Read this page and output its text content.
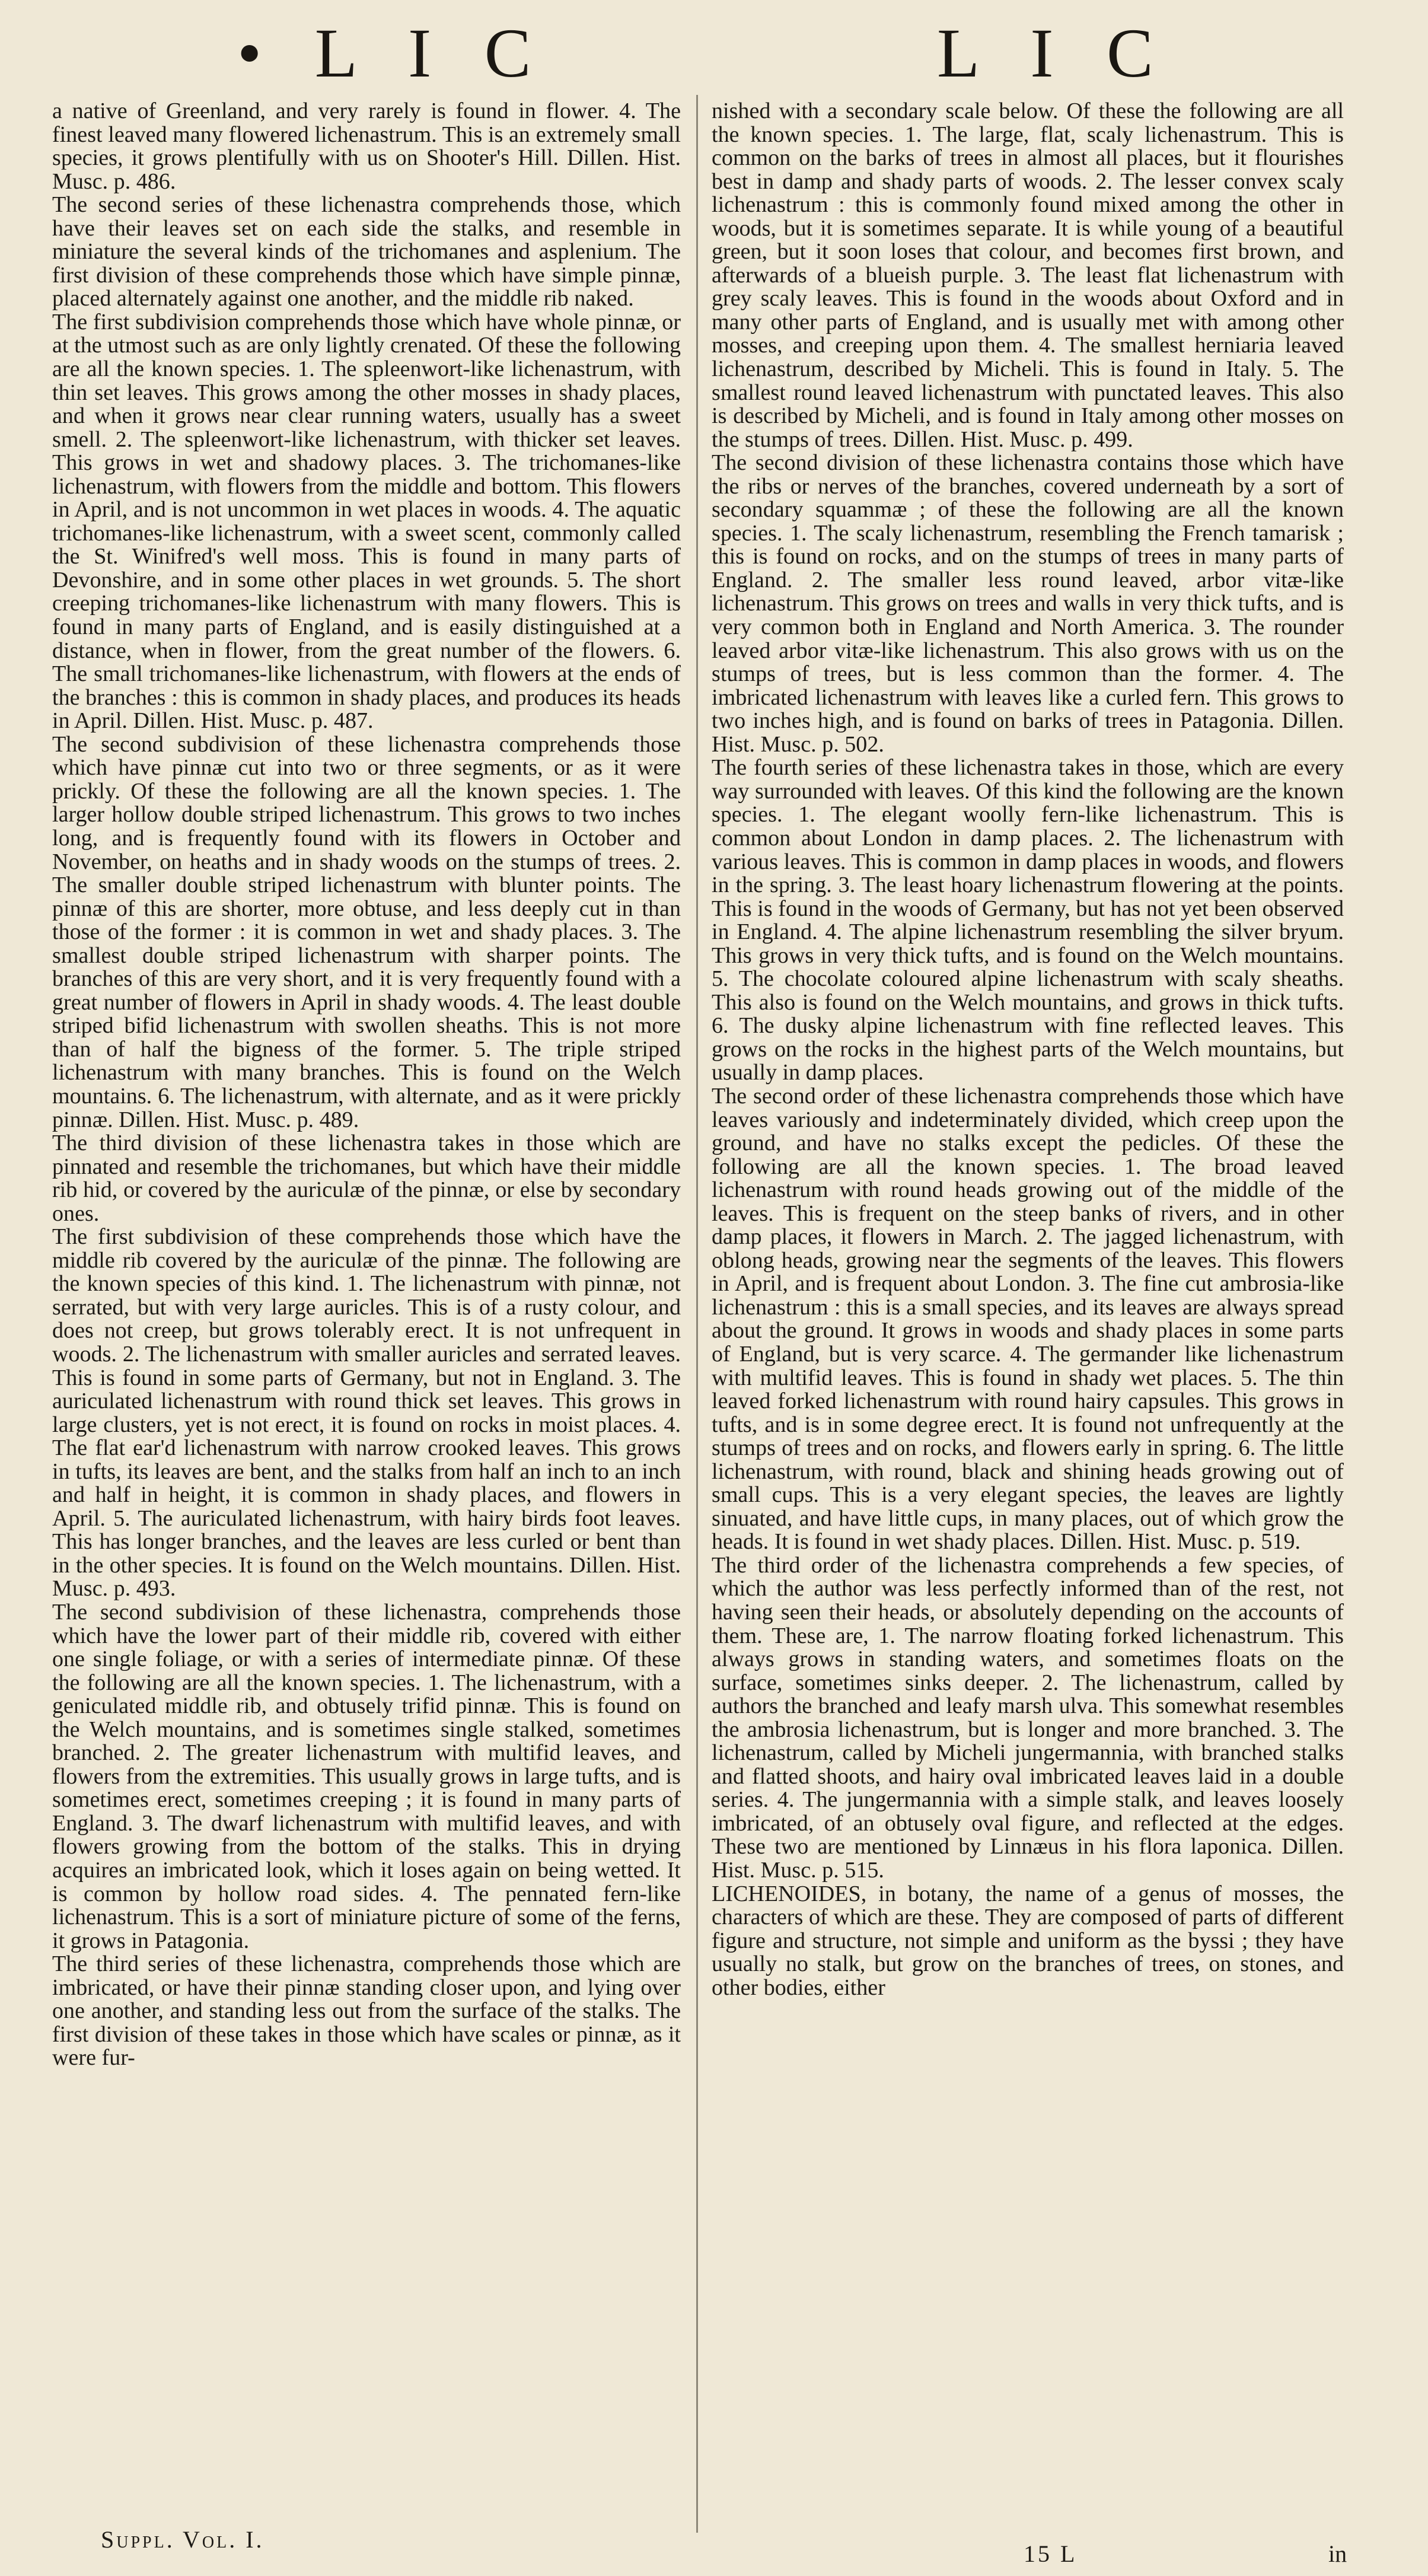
• L I C	L I C

a native of Greenland, and very rarely is found in flower. 4. The finest leaved many flowered lichenastrum. This is an extremely small species, it grows plentifully with us on Shooter's Hill. Dillen. Hist. Musc. p. 486.

The second series of these lichenastra comprehends those, which have their leaves set on each side the stalks, and resemble in miniature the several kinds of the trichomanes and asplenium. The first division of these comprehends those which have simple pinnæ, placed alternately against one another, and the middle rib naked.

The first subdivision comprehends those which have whole pinnæ, or at the utmost such as are only lightly crenated. Of these the following are all the known species. 1. The spleenwort-like lichenastrum, with thin set leaves. This grows among the other mosses in shady places, and when it grows near clear running waters, usually has a sweet smell. 2. The spleenwort-like lichenastrum, with thicker set leaves. This grows in wet and shadowy places. 3. The trichomanes-like lichenastrum, with flowers from the middle and bottom. This flowers in April, and is not uncommon in wet places in woods. 4. The aquatic trichomanes-like lichenastrum, with a sweet scent, commonly called the St. Winifred's well moss. This is found in many parts of Devonshire, and in some other places in wet grounds. 5. The short creeping trichomanes-like lichenastrum with many flowers. This is found in many parts of England, and is easily distinguished at a distance, when in flower, from the great number of the flowers. 6. The small trichomanes-like lichenastrum, with flowers at the ends of the branches : this is common in shady places, and produces its heads in April. Dillen. Hist. Musc. p. 487.

The second subdivision of these lichenastra comprehends those which have pinnæ cut into two or three segments, or as it were prickly. Of these the following are all the known species. 1. The larger hollow double striped lichenastrum. This grows to two inches long, and is frequently found with its flowers in October and November, on heaths and in shady woods on the stumps of trees. 2. The smaller double striped lichenastrum with blunter points. The pinnæ of this are shorter, more obtuse, and less deeply cut in than those of the former : it is common in wet and shady places. 3. The smallest double striped lichenastrum with sharper points. The branches of this are very short, and it is very frequently found with a great number of flowers in April in shady woods. 4. The least double striped bifid lichenastrum with swollen sheaths. This is not more than of half the bigness of the former. 5. The triple striped lichenastrum with many branches. This is found on the Welch mountains. 6. The lichenastrum, with alternate, and as it were prickly pinnæ. Dillen. Hist. Musc. p. 489.

The third division of these lichenastra takes in those which are pinnated and resemble the trichomanes, but which have their middle rib hid, or covered by the auriculæ of the pinnæ, or else by secondary ones.

The first subdivision of these comprehends those which have the middle rib covered by the auriculæ of the pinnæ. The following are the known species of this kind. 1. The lichenastrum with pinnæ, not serrated, but with very large auricles. This is of a rusty colour, and does not creep, but grows tolerably erect. It is not unfrequent in woods. 2. The lichenastrum with smaller auricles and serrated leaves. This is found in some parts of Germany, but not in England. 3. The auriculated lichenastrum with round thick set leaves. This grows in large clusters, yet is not erect, it is found on rocks in moist places. 4. The flat ear'd lichenastrum with narrow crooked leaves. This grows in tufts, its leaves are bent, and the stalks from half an inch to an inch and half in height, it is common in shady places, and flowers in April. 5. The auriculated lichenastrum, with hairy birds foot leaves. This has longer branches, and the leaves are less curled or bent than in the other species. It is found on the Welch mountains. Dillen. Hist. Musc. p. 493.

The second subdivision of these lichenastra, comprehends those which have the lower part of their middle rib, covered with either one single foliage, or with a series of intermediate pinnæ. Of these the following are all the known species. 1. The lichenastrum, with a geniculated middle rib, and obtusely trifid pinnæ. This is found on the Welch mountains, and is sometimes single stalked, sometimes branched. 2. The greater lichenastrum with multifid leaves, and flowers from the extremities. This usually grows in large tufts, and is sometimes erect, sometimes creeping ; it is found in many parts of England. 3. The dwarf lichenastrum with multifid leaves, and with flowers growing from the bottom of the stalks. This in drying acquires an imbricated look, which it loses again on being wetted. It is common by hollow road sides. 4. The pennated fern-like lichenastrum. This is a sort of miniature picture of some of the ferns, it grows in Patagonia.

The third series of these lichenastra, comprehends those which are imbricated, or have their pinnæ standing closer upon, and lying over one another, and standing less out from the surface of the stalks. The first division of these takes in those which have scales or pinnæ, as it were fur-

nished with a secondary scale below. Of these the following are all the known species. 1. The large, flat, scaly lichenastrum. This is common on the barks of trees in almost all places, but it flourishes best in damp and shady parts of woods. 2. The lesser convex scaly lichenastrum : this is commonly found mixed among the other in woods, but it is sometimes separate. It is while young of a beautiful green, but it soon loses that colour, and becomes first brown, and afterwards of a blueish purple. 3. The least flat lichenastrum with grey scaly leaves. This is found in the woods about Oxford and in many other parts of England, and is usually met with among other mosses, and creeping upon them. 4. The smallest herniaria leaved lichenastrum, described by Micheli. This is found in Italy. 5. The smallest round leaved lichenastrum with punctated leaves. This also is described by Micheli, and is found in Italy among other mosses on the stumps of trees. Dillen. Hist. Musc. p. 499.

The second division of these lichenastra contains those which have the ribs or nerves of the branches, covered underneath by a sort of secondary squammæ ; of these the following are all the known species. 1. The scaly lichenastrum, resembling the French tamarisk ; this is found on rocks, and on the stumps of trees in many parts of England. 2. The smaller less round leaved, arbor vitæ-like lichenastrum. This grows on trees and walls in very thick tufts, and is very common both in England and North America. 3. The rounder leaved arbor vitæ-like lichenastrum. This also grows with us on the stumps of trees, but is less common than the former. 4. The imbricated lichenastrum with leaves like a curled fern. This grows to two inches high, and is found on barks of trees in Patagonia. Dillen. Hist. Musc. p. 502.

The fourth series of these lichenastra takes in those, which are every way surrounded with leaves. Of this kind the following are the known species. 1. The elegant woolly fern-like lichenastrum. This is common about London in damp places. 2. The lichenastrum with various leaves. This is common in damp places in woods, and flowers in the spring. 3. The least hoary lichenastrum flowering at the points. This is found in the woods of Germany, but has not yet been observed in England. 4. The alpine lichenastrum resembling the silver bryum. This grows in very thick tufts, and is found on the Welch mountains. 5. The chocolate coloured alpine lichenastrum with scaly sheaths. This also is found on the Welch mountains, and grows in thick tufts. 6. The dusky alpine lichenastrum with fine reflected leaves. This grows on the rocks in the highest parts of the Welch mountains, but usually in damp places.

The second order of these lichenastra comprehends those which have leaves variously and indeterminately divided, which creep upon the ground, and have no stalks except the pedicles. Of these the following are all the known species. 1. The broad leaved lichenastrum with round heads growing out of the middle of the leaves. This is frequent on the steep banks of rivers, and in other damp places, it flowers in March. 2. The jagged lichenastrum, with oblong heads, growing near the segments of the leaves. This flowers in April, and is frequent about London. 3. The fine cut ambrosia-like lichenastrum : this is a small species, and its leaves are always spread about the ground. It grows in woods and shady places in some parts of England, but is very scarce. 4. The germander like lichenastrum with multifid leaves. This is found in shady wet places. 5. The thin leaved forked lichenastrum with round hairy capsules. This grows in tufts, and is in some degree erect. It is found not unfrequently at the stumps of trees and on rocks, and flowers early in spring. 6. The little lichenastrum, with round, black and shining heads growing out of small cups. This is a very elegant species, the leaves are lightly sinuated, and have little cups, in many places, out of which grow the heads. It is found in wet shady places. Dillen. Hist. Musc. p. 519.

The third order of the lichenastra comprehends a few species, of which the author was less perfectly informed than of the rest, not having seen their heads, or absolutely depending on the accounts of them. These are, 1. The narrow floating forked lichenastrum. This always grows in standing waters, and sometimes floats on the surface, sometimes sinks deeper. 2. The lichenastrum, called by authors the branched and leafy marsh ulva. This somewhat resembles the ambrosia lichenastrum, but is longer and more branched. 3. The lichenastrum, called by Micheli jungermannia, with branched stalks and flatted shoots, and hairy oval imbricated leaves laid in a double series. 4. The jungermannia with a simple stalk, and leaves loosely imbricated, of an obtusely oval figure, and reflected at the edges. These two are mentioned by Linnæus in his flora laponica. Dillen. Hist. Musc. p. 515.

LICHENOIDES, in botany, the name of a genus of mosses, the characters of which are these. They are composed of parts of different figure and structure, not simple and uniform as the byssi ; they have usually no stalk, but grow on the branches of trees, on stones, and other bodies, either

Suppl. Vol. I.
15 L	in
